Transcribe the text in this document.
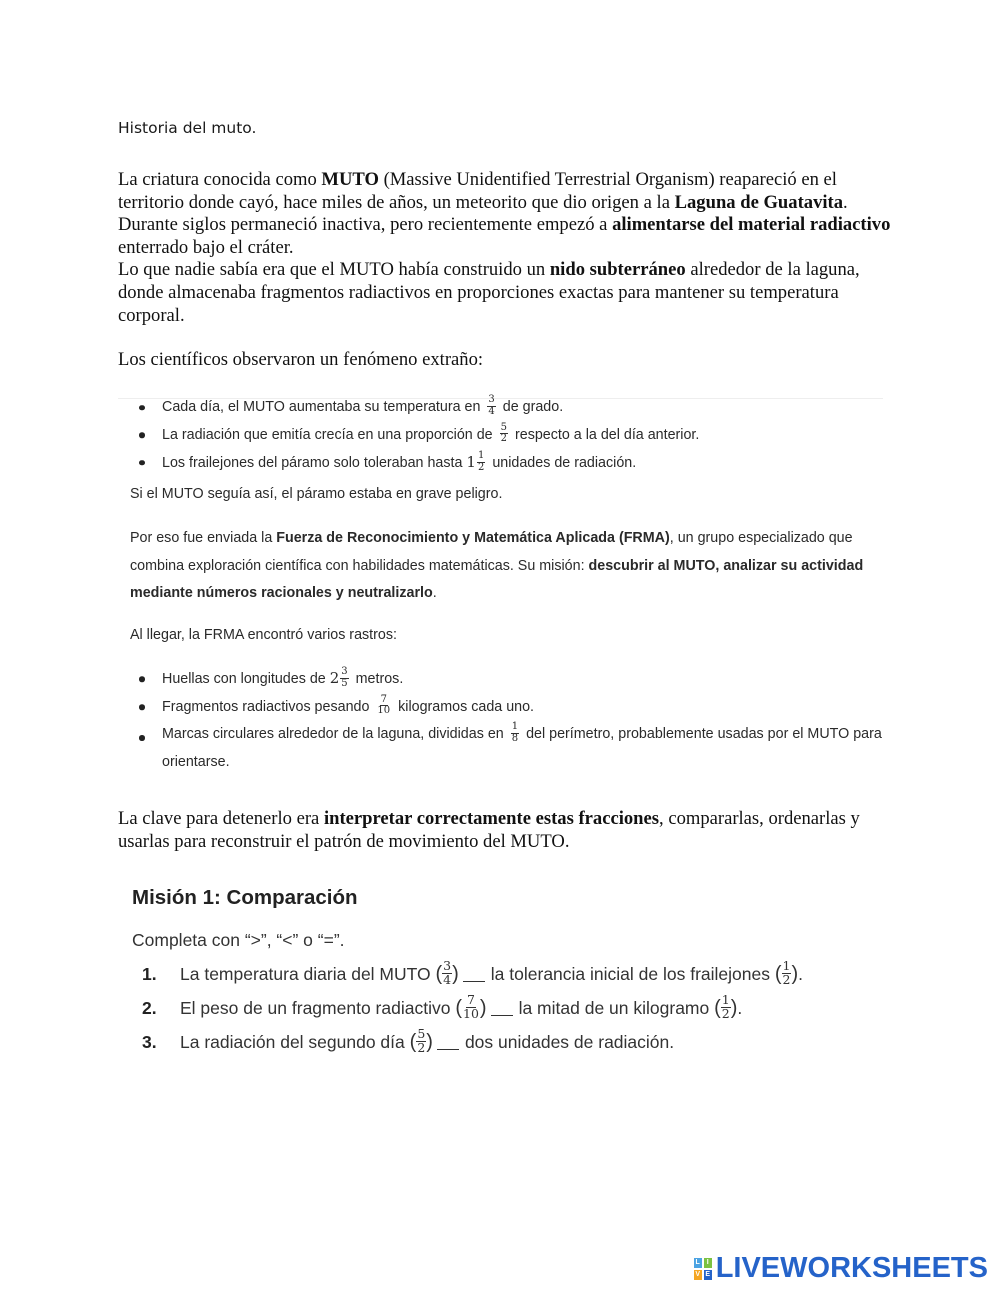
Historia del muto.

La criatura conocida como MUTO (Massive Unidentified Terrestrial Organism) reapareció en el territorio donde cayó, hace miles de años, un meteorito que dio origen a la Laguna de Guatavita. Durante siglos permaneció inactiva, pero recientemente empezó a alimentarse del material radiactivo enterrado bajo el cráter.

Lo que nadie sabía era que el MUTO había construido un nido subterráneo alrededor de la laguna, donde almacenaba fragmentos radiactivos en proporciones exactas para mantener su temperatura corporal.

Los científicos observaron un fenómeno extraño:
Cada día, el MUTO aumentaba su temperatura en $\frac{3}{4}$ de grado.
La radiación que emitía crecía en una proporción de $\frac{5}{2}$ respecto a la del día anterior.
Los frailejones del páramo solo toleraban hasta $1 \frac{1}{2}$ unidades de radiación.
Si el MUTO seguía así, el páramo estaba en grave peligro.
Por eso fue enviada la Fuerza de Reconocimiento y Matemática Aplicada (FRMA), un grupo especializado que combina exploración científica con habilidades matemáticas. Su misión: descubrir al MUTO, analizar su actividad mediante números racionales y neutralizarlo.
Al llegar, la FRMA encontró varios rastros:
Huellas con longitudes de $2 \frac{3}{5}$ metros.
Fragmentos radiactivos pesando $\frac{7}{10}$ kilogramos cada uno.
Marcas circulares alrededor de la laguna, divididas en $\frac{1}{8}$ del perímetro, probablemente usadas por el MUTO para orientarse.
La clave para detenerlo era interpretar correctamente estas fracciones, compararlas, ordenarlas y usarlas para reconstruir el patrón de movimiento del MUTO.
Misión 1: Comparación
Completa con “>”, “<” o “=”.
1.	La temperatura diaria del MUTO
( $\frac{3}{4}$ ) la tolerancia inicial de los frailejones
( $\frac{1}{2}$ ) .
2.	El peso de un fragmento radiactivo
( $\frac{7}{10}$ ) la mitad de un kilogramo
( $\frac{1}{2}$ ) .
3.	La radiación del segundo día
( $\frac{5}{2}$ ) dos unidades de radiación .
L I
V E LIVEWORKSHEETS
